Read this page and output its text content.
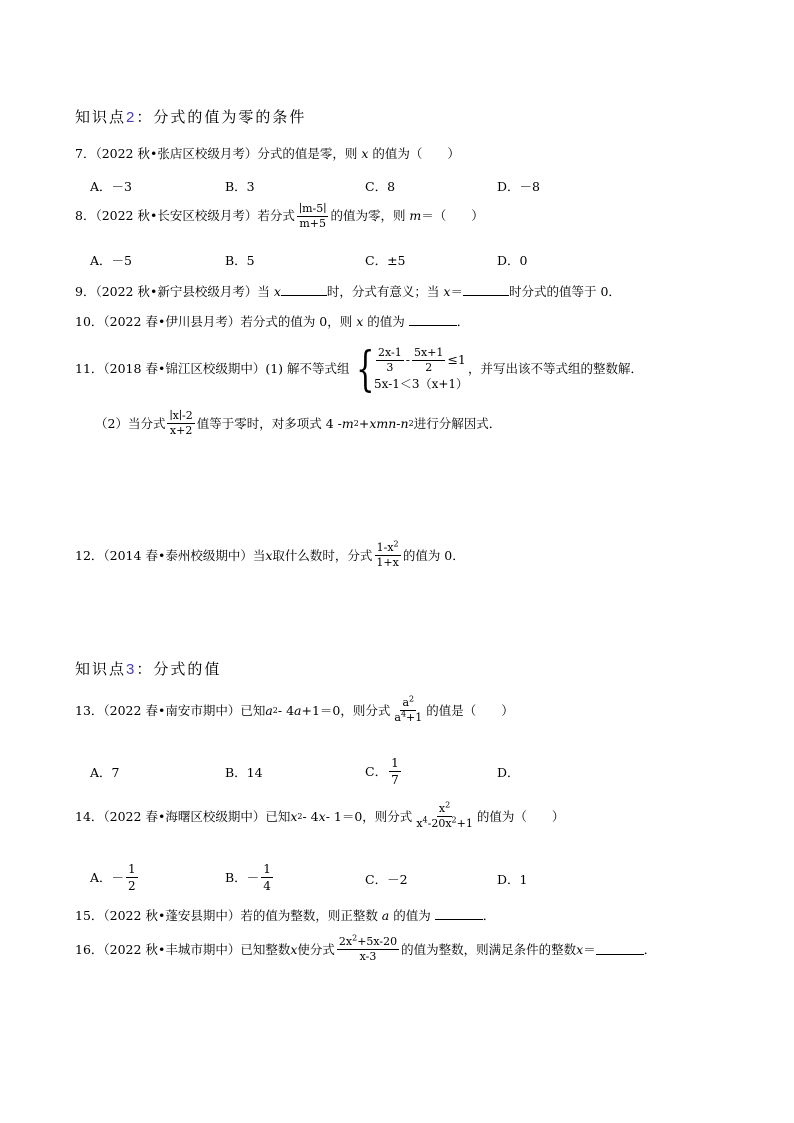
知识点2：分式的值为零的条件
7．（2022 秋•张店区校级月考）分式的值是零，则 x 的值为（　　）
A．－3	B．3	C．8	D．－8
8．（2022 秋•长安区校级月考）若分式 $\frac{∣m-5∣}{m+5}$ 的值为零，则 m＝（　　）
A．－5	B．5	C．±5	D．0
9．（2022 秋•新宁县校级月考）当 x	时，分式有意义；当 x＝	时分式的值等于 0．
10．（2022 春•伊川县月考）若分式的值为 0，则 x 的值为	．
11．（2018 春•锦江区校级期中）(1) 解不等式组 { $\frac{2x-1}{3} - \frac{5x+1}{2} \le 1$
5x-1＜3（x+1）
，并写出该不等式组的整数解．
（2）当分式 $\frac{∣x∣-2}{x+2}$ 值等于零时，对多项式 4 - m 2 + xmn - n 2 进行分解因式．
12．（2014 春•泰州校级期中）当 x 取什么数时，分式 $\frac{1-x^2}{1+x}$ 的值为 0．
知识点3：分式的值
13．（2022 春•南安市期中）已知 a 2 - 4 a +1＝0，则分式 $\frac{a^2}{a^4+1}$ 的值是（　　）
A．7	B．14	C． $\frac{1}{7}$	D．
14．（2022 春•海曙区校级期中）已知 x 2 - 4 x - 1＝0，则分式 $\frac{x^2}{x^4-20x^2+1}$ 的值为（　　）
A．－ $\frac{1}{2}$	B．－ $\frac{1}{4}$	C．－2	D．1
15．（2022 秋•蓬安县期中）若的值为整数，则正整数 a 的值为	．
16．（2022 秋•丰城市期中）已知整数 x 使分式 $\frac{2x^2+5x-20}{x-3}$ 的值为整数，则满足条件的整数 x ＝	．
